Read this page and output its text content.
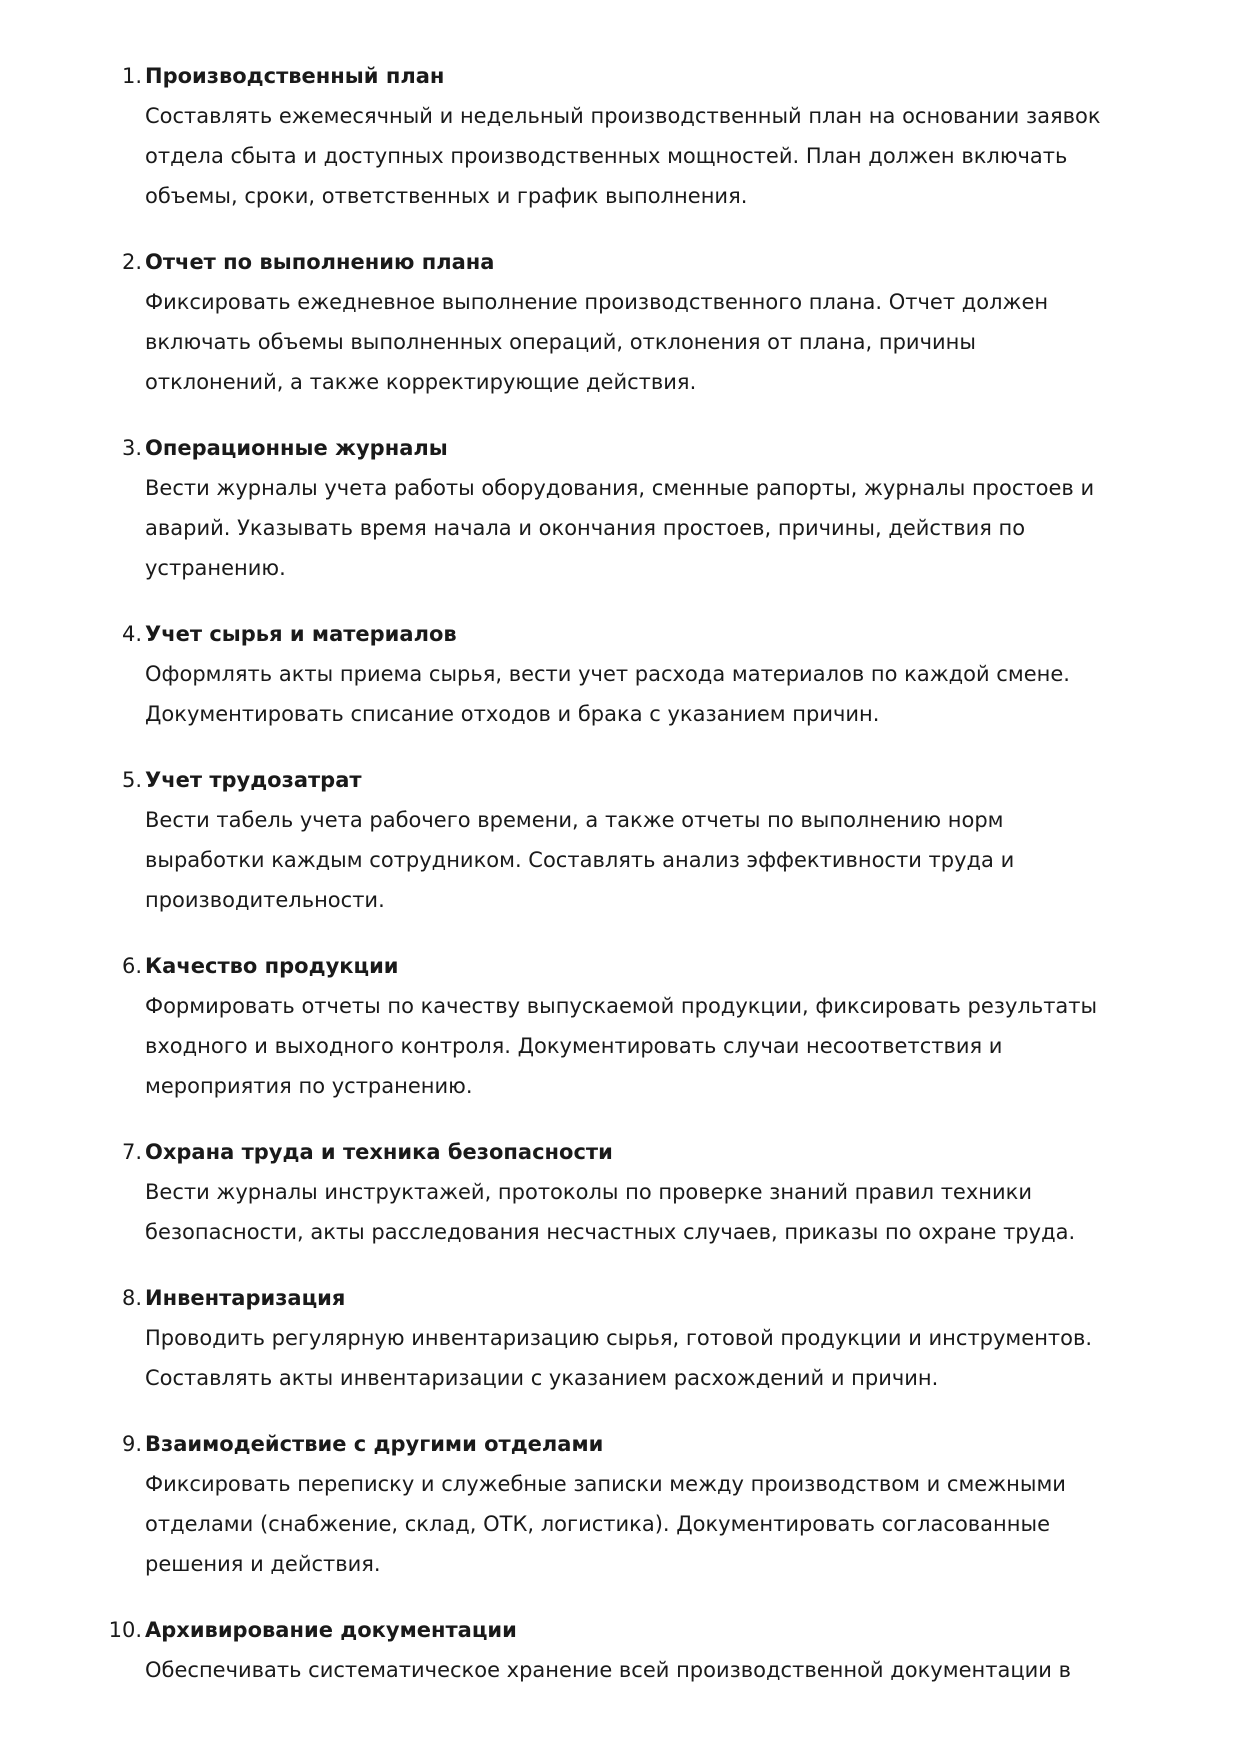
1. Производственный план
Составлять ежемесячный и недельный производственный план на основании заявок
отдела сбыта и доступных производственных мощностей. План должен включать
объемы, сроки, ответственных и график выполнения.
2. Отчет по выполнению плана
Фиксировать ежедневное выполнение производственного плана. Отчет должен
включать объемы выполненных операций, отклонения от плана, причины
отклонений, а также корректирующие действия.
3. Операционные журналы
Вести журналы учета работы оборудования, сменные рапорты, журналы простоев и
аварий. Указывать время начала и окончания простоев, причины, действия по
устранению.
4. Учет сырья и материалов
Оформлять акты приема сырья, вести учет расхода материалов по каждой смене.
Документировать списание отходов и брака с указанием причин.
5. Учет трудозатрат
Вести табель учета рабочего времени, а также отчеты по выполнению норм
выработки каждым сотрудником. Составлять анализ эффективности труда и
производительности.
6. Качество продукции
Формировать отчеты по качеству выпускаемой продукции, фиксировать результаты
входного и выходного контроля. Документировать случаи несоответствия и
мероприятия по устранению.
7. Охрана труда и техника безопасности
Вести журналы инструктажей, протоколы по проверке знаний правил техники
безопасности, акты расследования несчастных случаев, приказы по охране труда.
8. Инвентаризация
Проводить регулярную инвентаризацию сырья, готовой продукции и инструментов.
Составлять акты инвентаризации с указанием расхождений и причин.
9. Взаимодействие с другими отделами
Фиксировать переписку и служебные записки между производством и смежными
отделами (снабжение, склад, ОТК, логистика). Документировать согласованные
решения и действия.
10. Архивирование документации
Обеспечивать систематическое хранение всей производственной документации в
